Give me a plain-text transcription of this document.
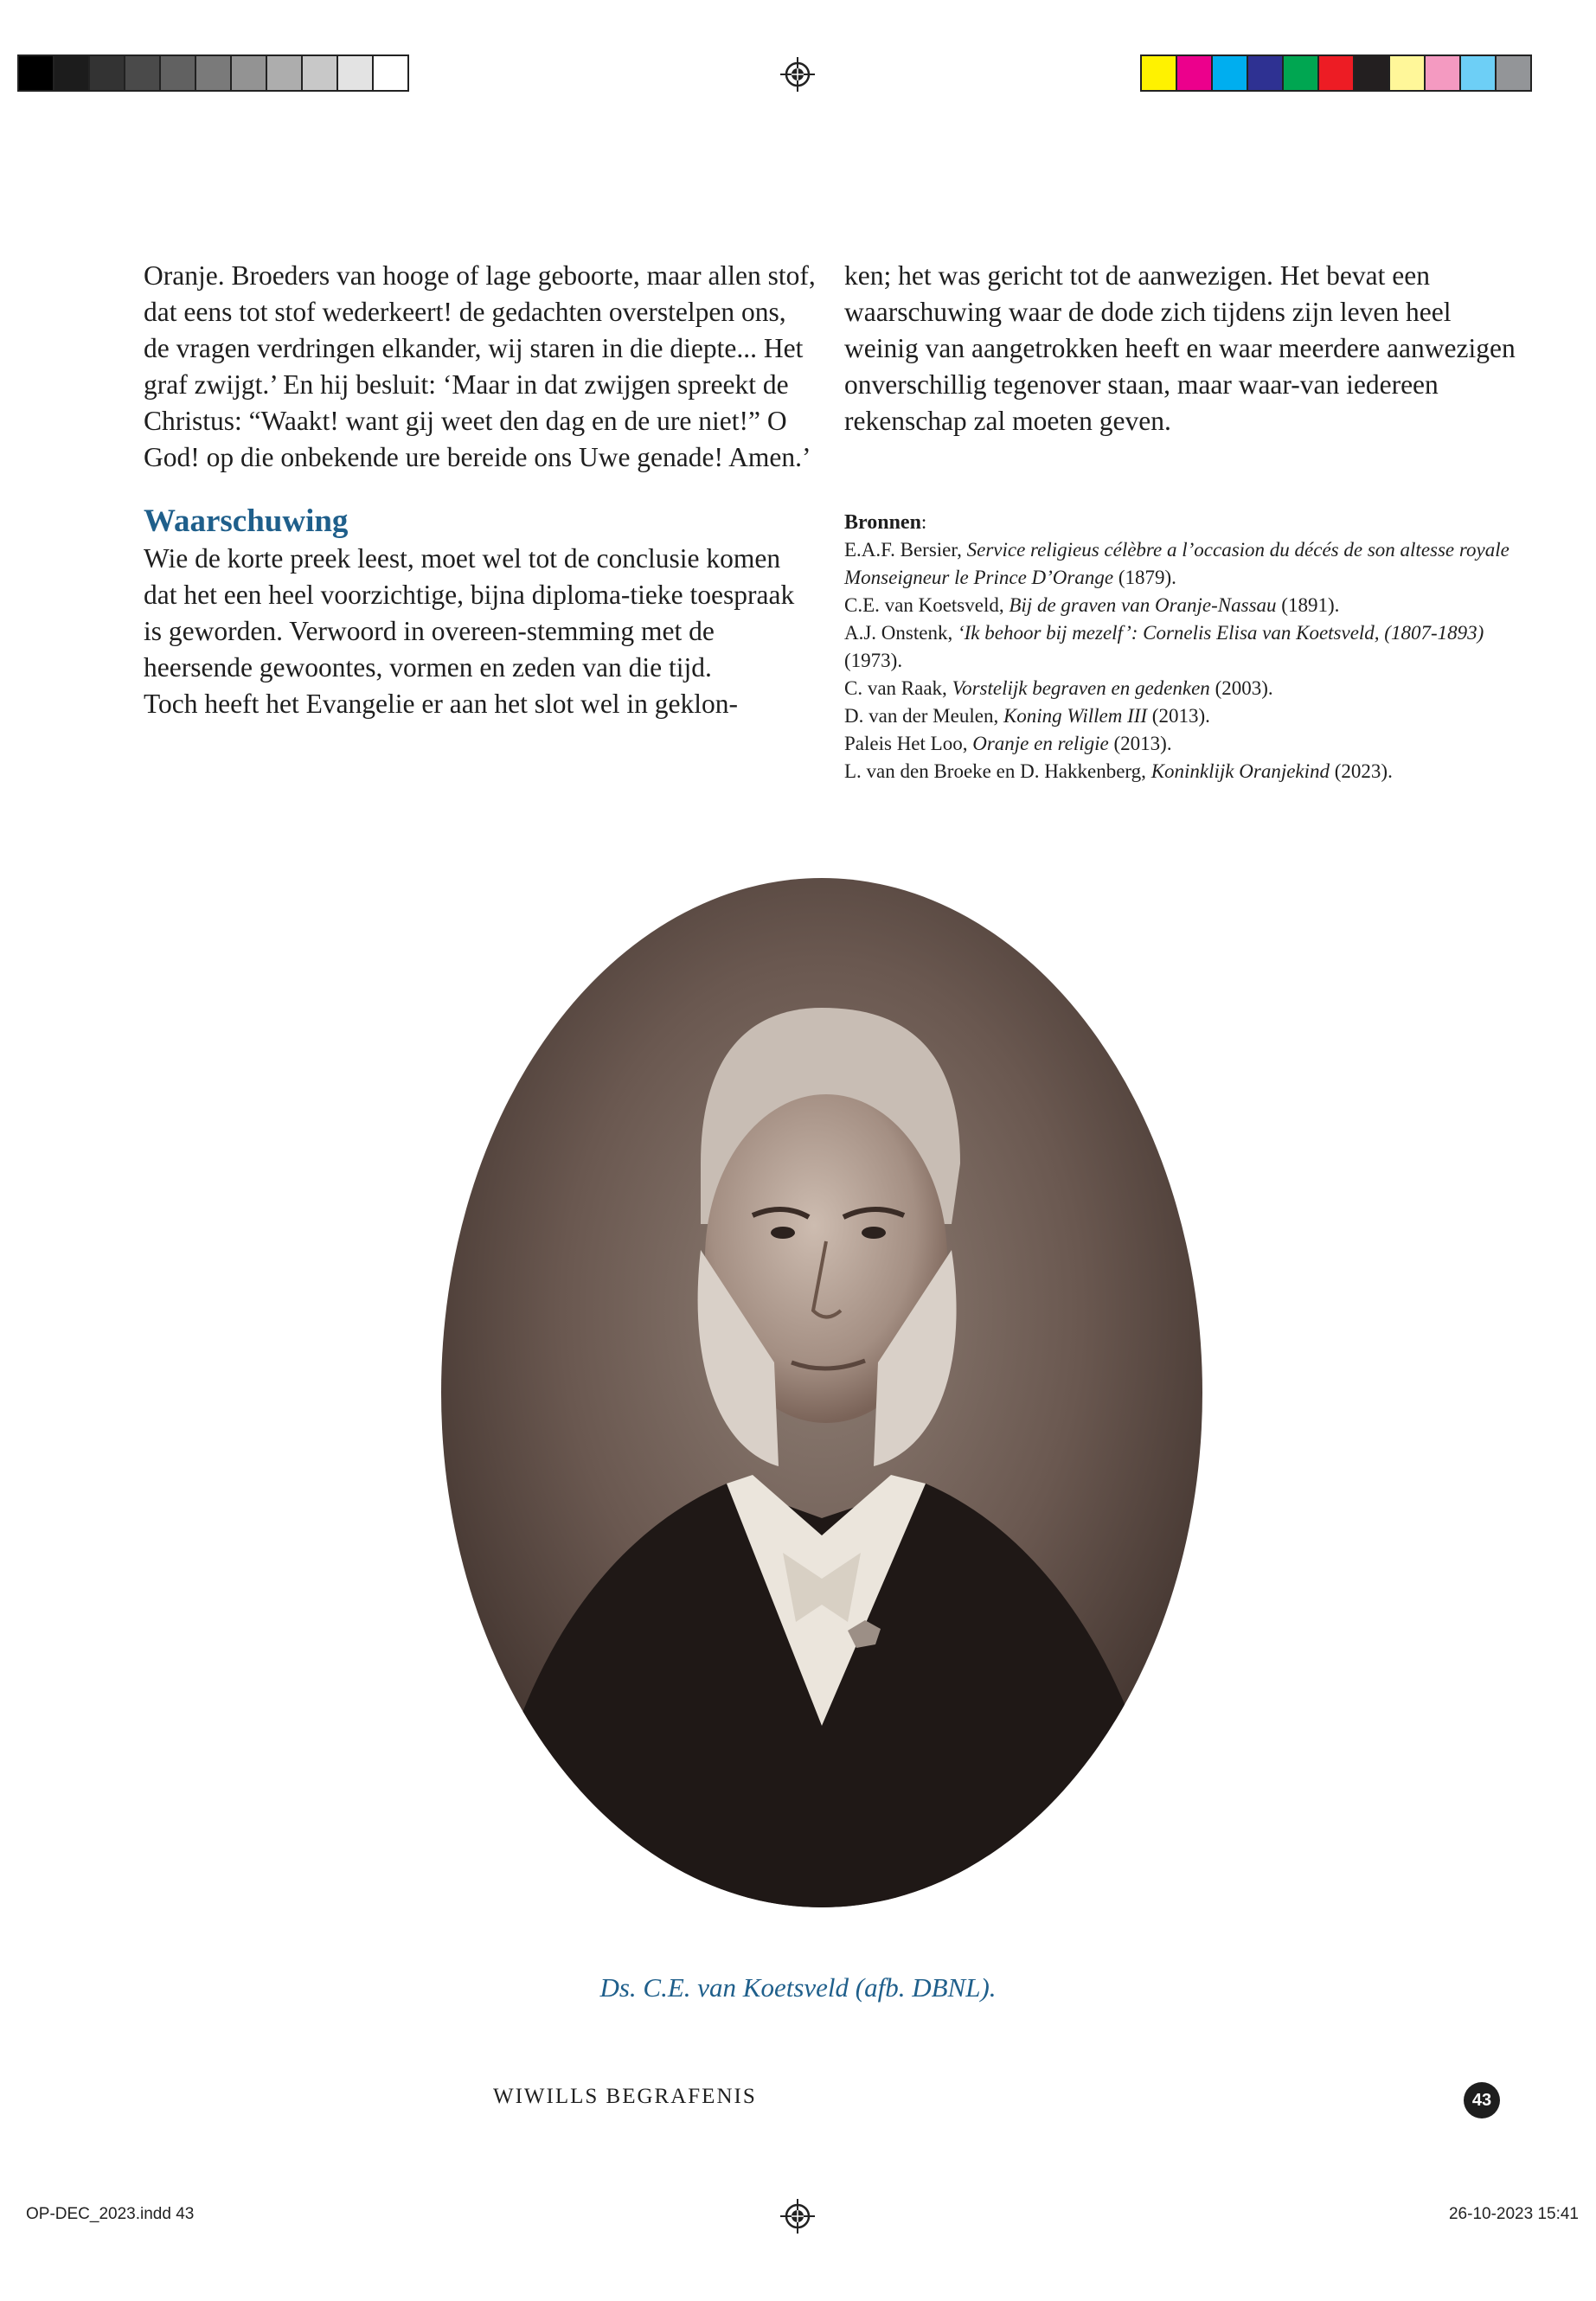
Oranje. Broeders van hooge of lage geboorte, maar allen stof, dat eens tot stof wederkeert! de gedachten overstelpen ons, de vragen verdringen elkander, wij staren in die diepte... Het graf zwijgt.’ En hij besluit: ‘Maar in dat zwijgen spreekt de Christus: “Waakt! want gij weet den dag en de ure niet!” O God! op die onbekende ure bereide ons Uwe genade! Amen.’

Waarschuwing

Wie de korte preek leest, moet wel tot de conclusie komen dat het een heel voorzichtige, bijna diploma-tieke toespraak is geworden. Verwoord in overeen-stemming met de heersende gewoontes, vormen en zeden van die tijd.

Toch heeft het Evangelie er aan het slot wel in geklon-

ken; het was gericht tot de aanwezigen. Het bevat een waarschuwing waar de dode zich tijdens zijn leven heel weinig van aangetrokken heeft en waar meerdere aanwezigen onverschillig tegenover staan, maar waar-van iedereen rekenschap zal moeten geven.

Bronnen:

E.A.F. Bersier, Service religieus célèbre a l’occasion du décés de son altesse royale Monseigneur le Prince D’Orange (1879).

C.E. van Koetsveld, Bij de graven van Oranje-Nassau (1891).

A.J. Onstenk, ‘Ik behoor bij mezelf’: Cornelis Elisa van Koetsveld, (1807-1893) (1973).

C. van Raak, Vorstelijk begraven en gedenken (2003).

D. van der Meulen, Koning Willem III (2013).

Paleis Het Loo, Oranje en religie (2013).

L. van den Broeke en D. Hakkenberg, Koninklijk Oranjekind (2023).

Ds. C.E. van Koetsveld (afb. DBNL).
WIWILLS BEGRAFENIS	43
OP-DEC_2023.indd 43	26-10-2023 15:41
